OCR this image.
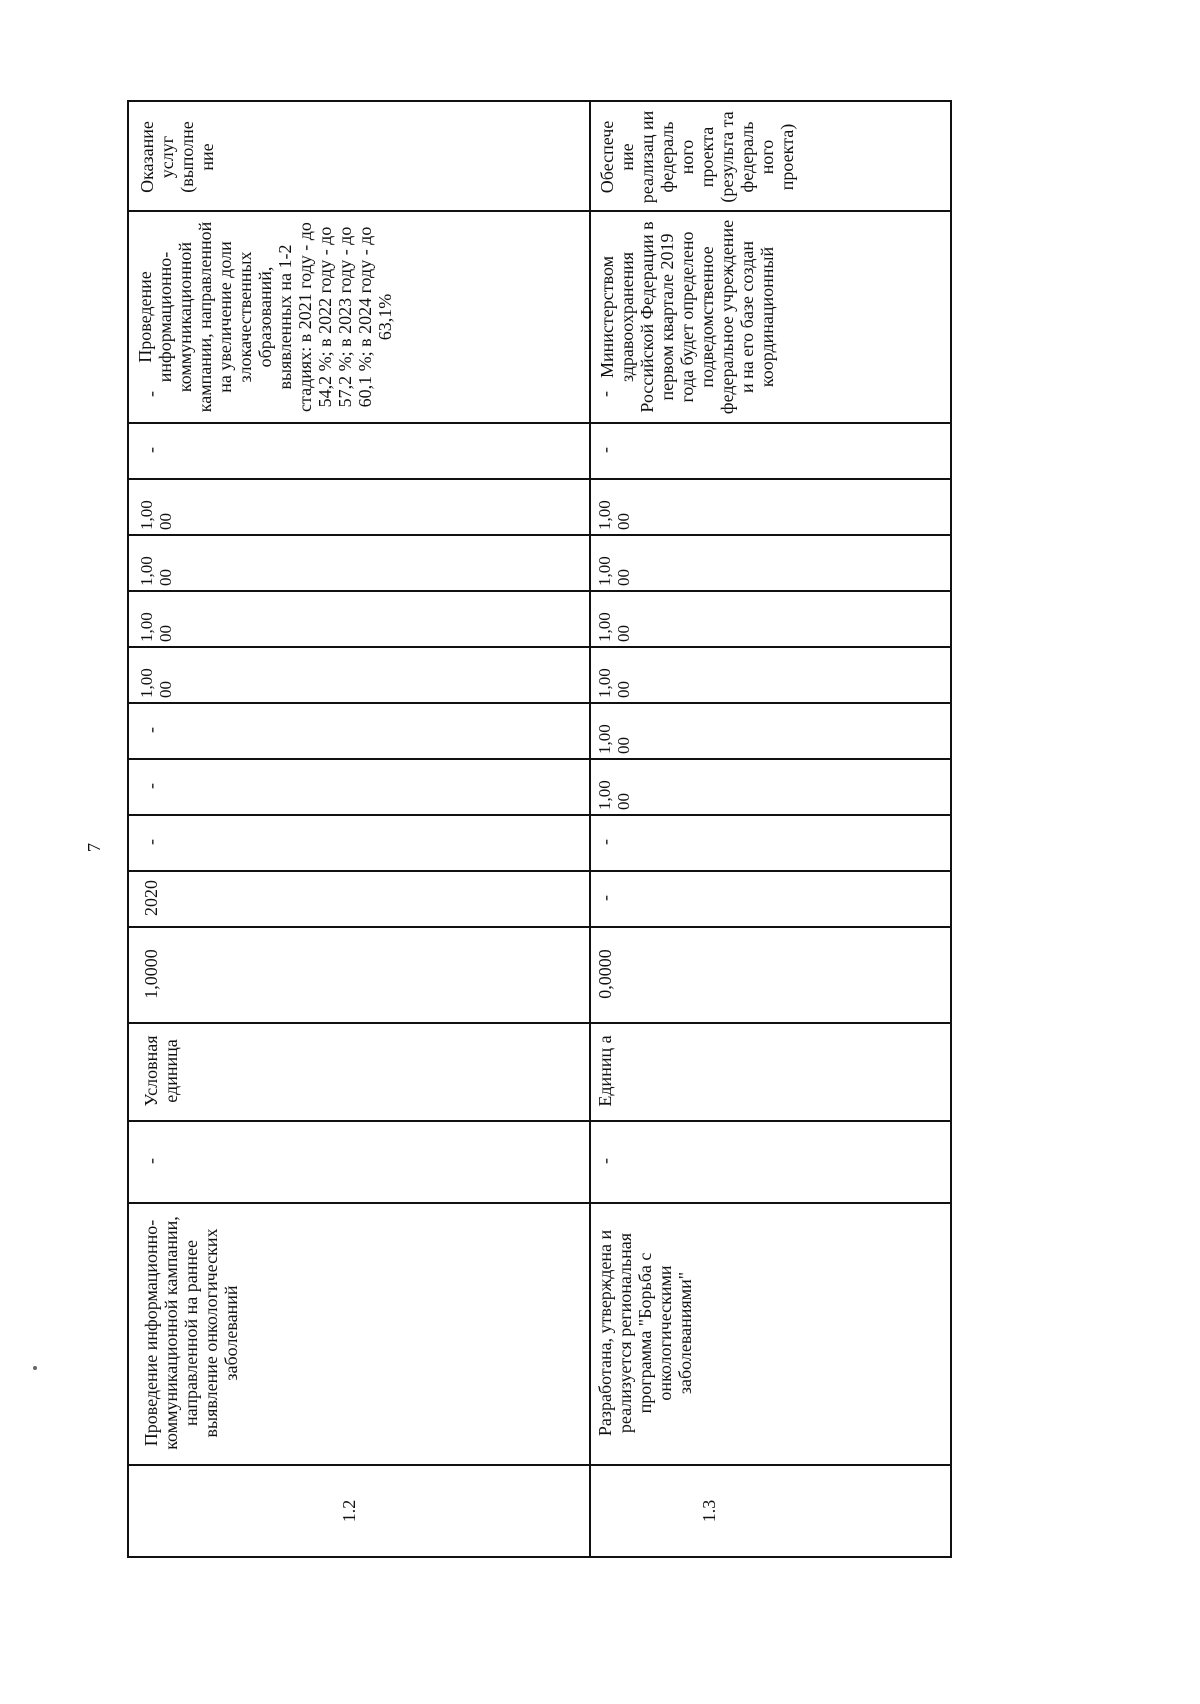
7
1.2
Проведение информационно-коммуникационной кампании, направленной на раннее выявление онкологических заболеваний
-
Условная единица
1,0000
2020
-
-
-
1,00 00
1,00 00
1,00 00
1,00 00
-
-
Проведение информационно-коммуникационной кампании, направленной на увеличение доли злокачественных образований, выявленных на 1-2 стадиях: в 2021 году - до 54,2 %; в 2022 году - до 57,2 %; в 2023 году - до 60,1 %; в 2024 году - до 63,1%
Оказание услуг (выполне ние
1.3
Разработана, утверждена и реализуется региональная программа "Борьба с онкологическими заболеваниями"
-
Единиц а
0,0000
-
-
1,00 00
1,00 00
1,00 00
1,00 00
1,00 00
1,00 00
-
-
Министерством здравоохранения Российской Федерации в первом квартале 2019 года будет определено подведомственное федеральное учреждение и на его базе создан координационный
Обеспече ние реализац ии федераль ного проекта (результа та федераль ного проекта)
